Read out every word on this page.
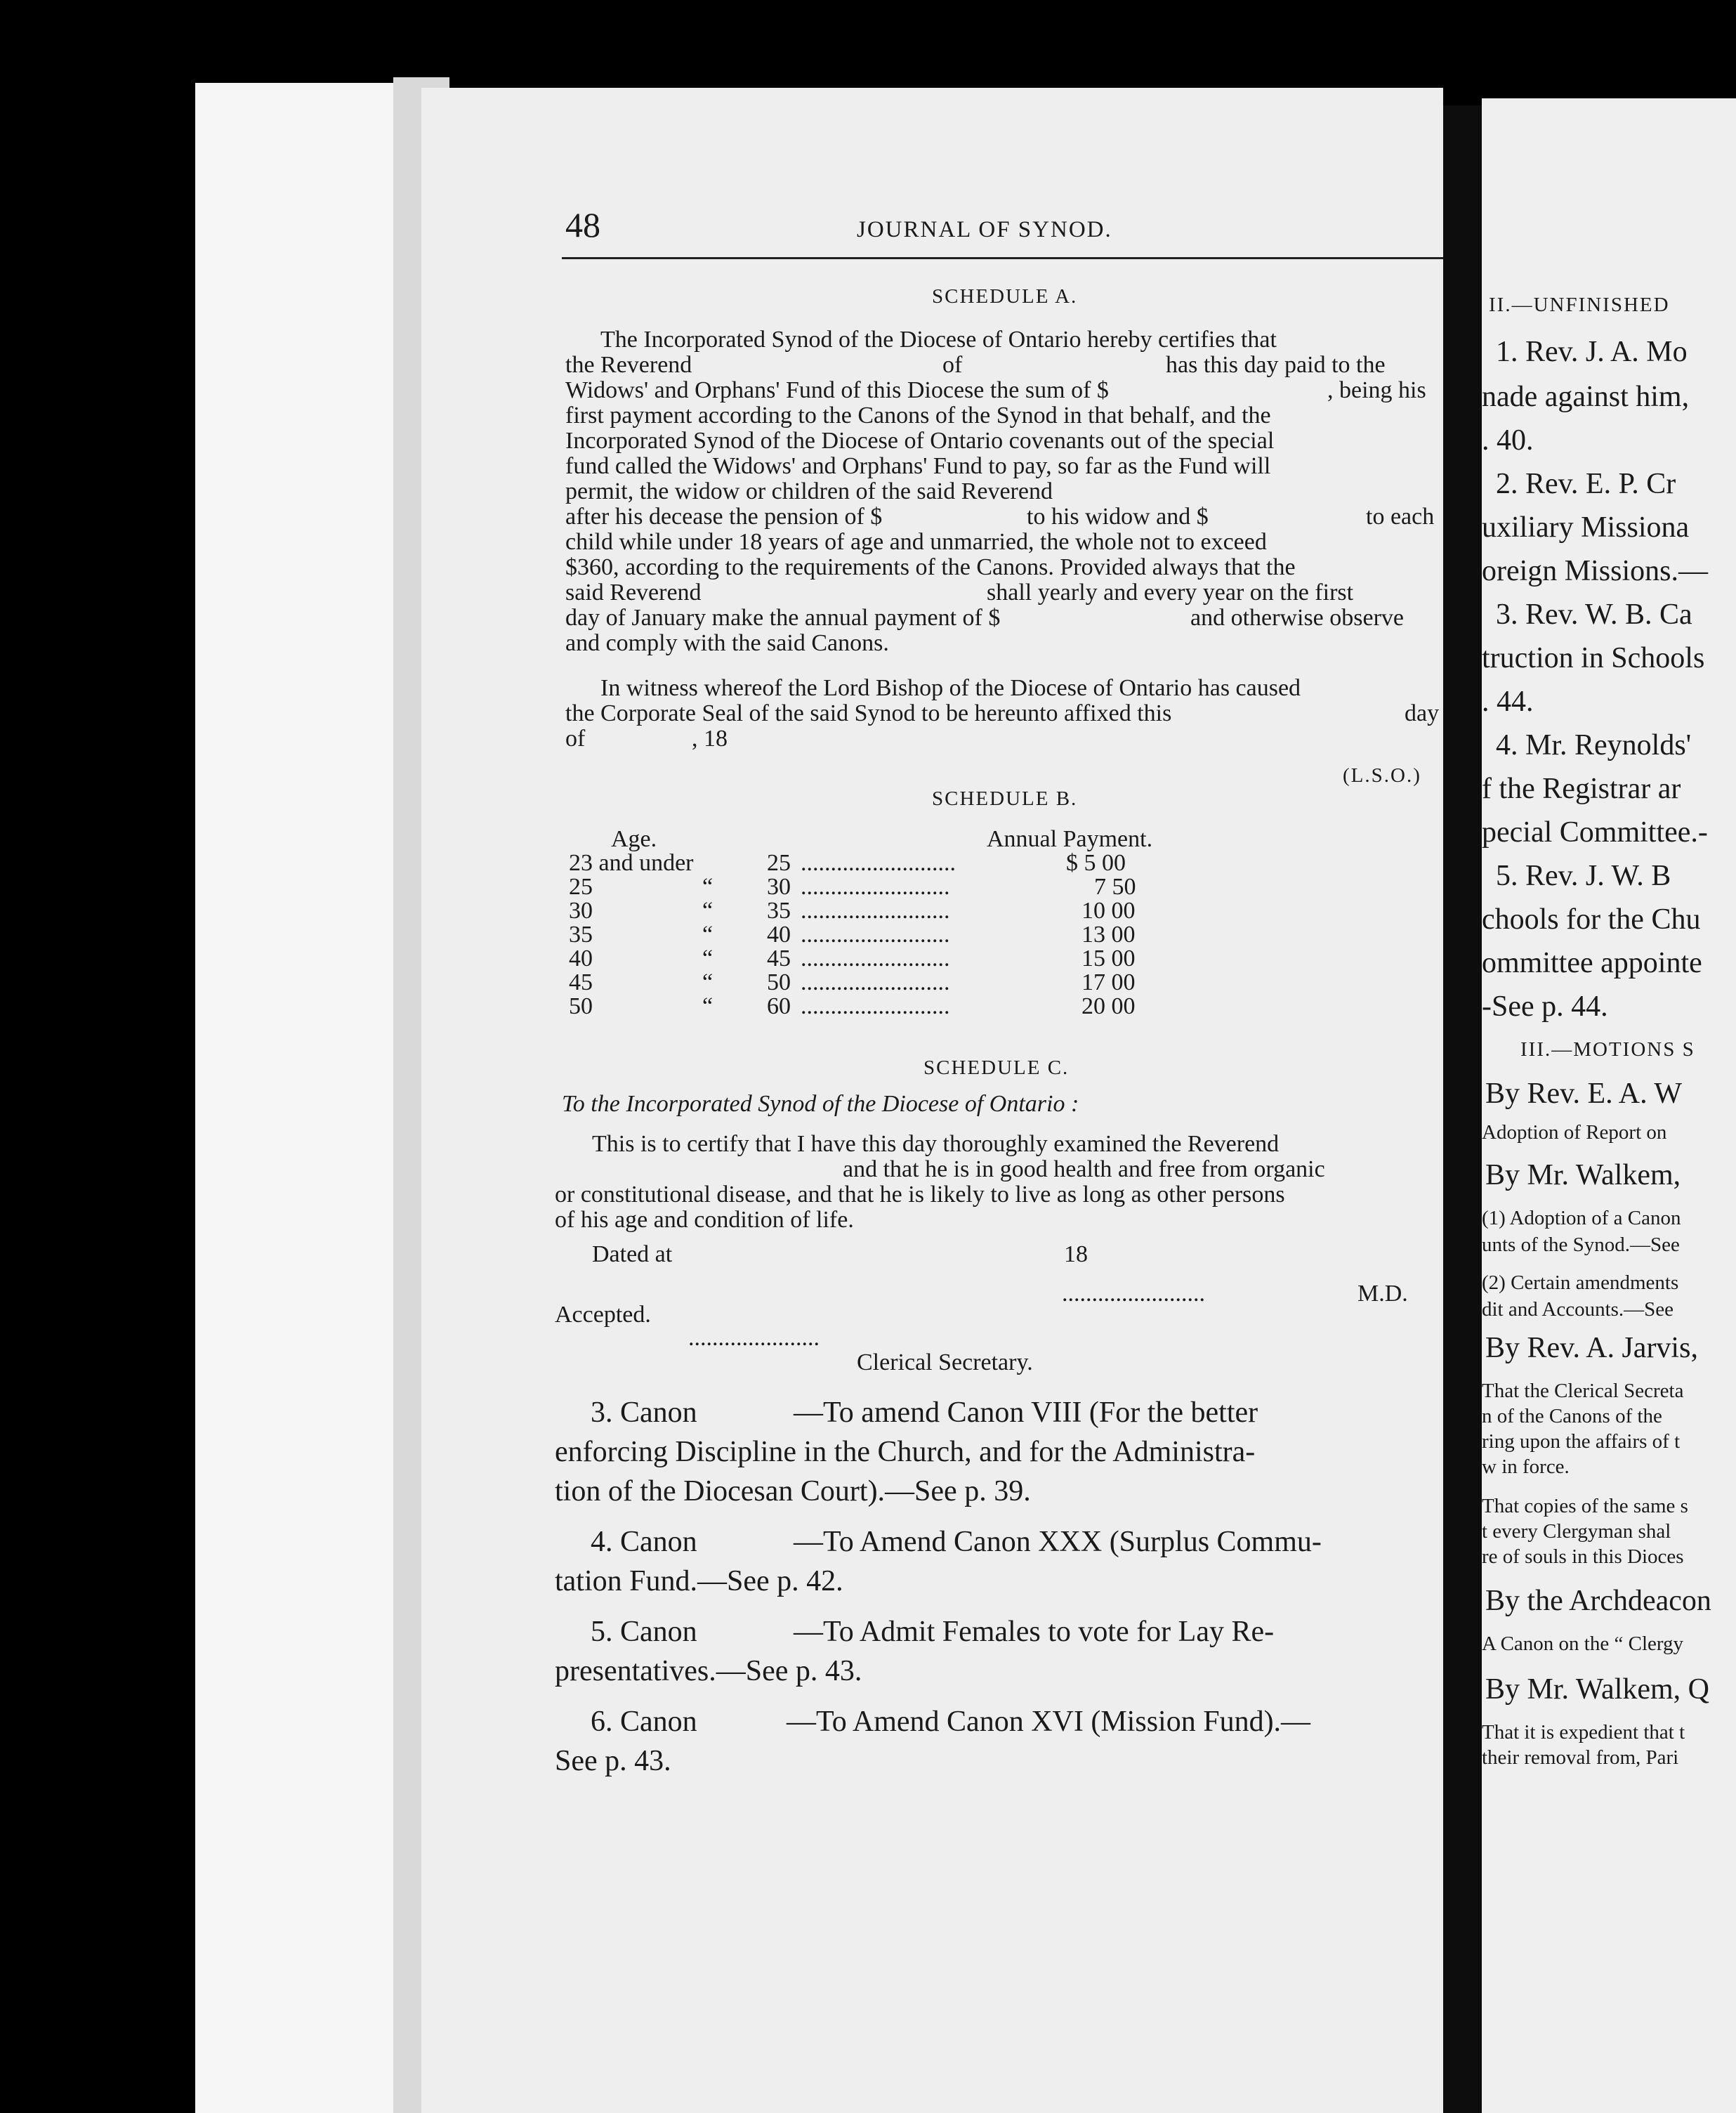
48	JOURNAL OF SYNOD.
SCHEDULE A.
The Incorporated Synod of the Diocese of Ontario hereby certifies that
the Reverend	of	has this day paid to the
Widows' and Orphans' Fund of this Diocese the sum of $	, being his
first payment according to the Canons of the Synod in that behalf, and the
Incorporated Synod of the Diocese of Ontario covenants out of the special
fund called the Widows' and Orphans' Fund to pay, so far as the Fund will
permit, the widow or children of the said Reverend
after his decease the pension of $	to his widow and $	to each
child while under 18 years of age and unmarried, the whole not to exceed
$360, according to the requirements of the Canons. Provided always that the
said Reverend	shall yearly and every year on the first
day of January make the annual payment of $	and otherwise observe
and comply with the said Canons.
In witness whereof the Lord Bishop of the Diocese of Ontario has caused
the Corporate Seal of the said Synod to be hereunto affixed this	day
of	, 18
(L.S.O.)
SCHEDULE B.
Age.	Annual Payment.
23 and under	25 ..........................	$ 5 00
25	“ 30 .........................	7 50
30	“ 35 .........................	10 00
35	“ 40 .........................	13 00
40	“ 45 .........................	15 00
45	“ 50 .........................	17 00
50	“ 60 .........................	20 00
SCHEDULE C.
To the Incorporated Synod of the Diocese of Ontario :
This is to certify that I have this day thoroughly examined the Reverend
and that he is in good health and free from organic
or constitutional disease, and that he is likely to live as long as other persons
of his age and condition of life.
Dated at	18
........................	M.D.
Accepted.
......................
Clerical Secretary.
3. Canon	—To amend Canon VIII (For the better
enforcing Discipline in the Church, and for the Administra-
tion of the Diocesan Court).—See p. 39.
4. Canon	—To Amend Canon XXX (Surplus Commu-
tation Fund.—See p. 42.
5. Canon	—To Admit Females to vote for Lay Re-
presentatives.—See p. 43.
6. Canon	—To Amend Canon XVI (Mission Fund).—
See p. 43.
II.—UNFINISHED
1. Rev. J. A. Mo
nade against him,
. 40.
2. Rev. E. P. Cr
uxiliary Missiona
oreign Missions.—
3. Rev. W. B. Ca
truction in Schools
. 44.
4. Mr. Reynolds'
f the Registrar ar
pecial Committee.-
5. Rev. J. W. B
chools for the Chu
ommittee appointe
-See p. 44.
III.—MOTIONS S
By Rev. E. A. W
Adoption of Report on
By Mr. Walkem,
(1) Adoption of a Canon
unts of the Synod.—See
(2) Certain amendments
dit and Accounts.—See
By Rev. A. Jarvis,
That the Clerical Secreta
n of the Canons of the
ring upon the affairs of t
w in force.
That copies of the same s
t every Clergyman shal
re of souls in this Dioces
By the Archdeacon
A Canon on the “ Clergy
By Mr. Walkem, Q
That it is expedient that t
their removal from, Pari
